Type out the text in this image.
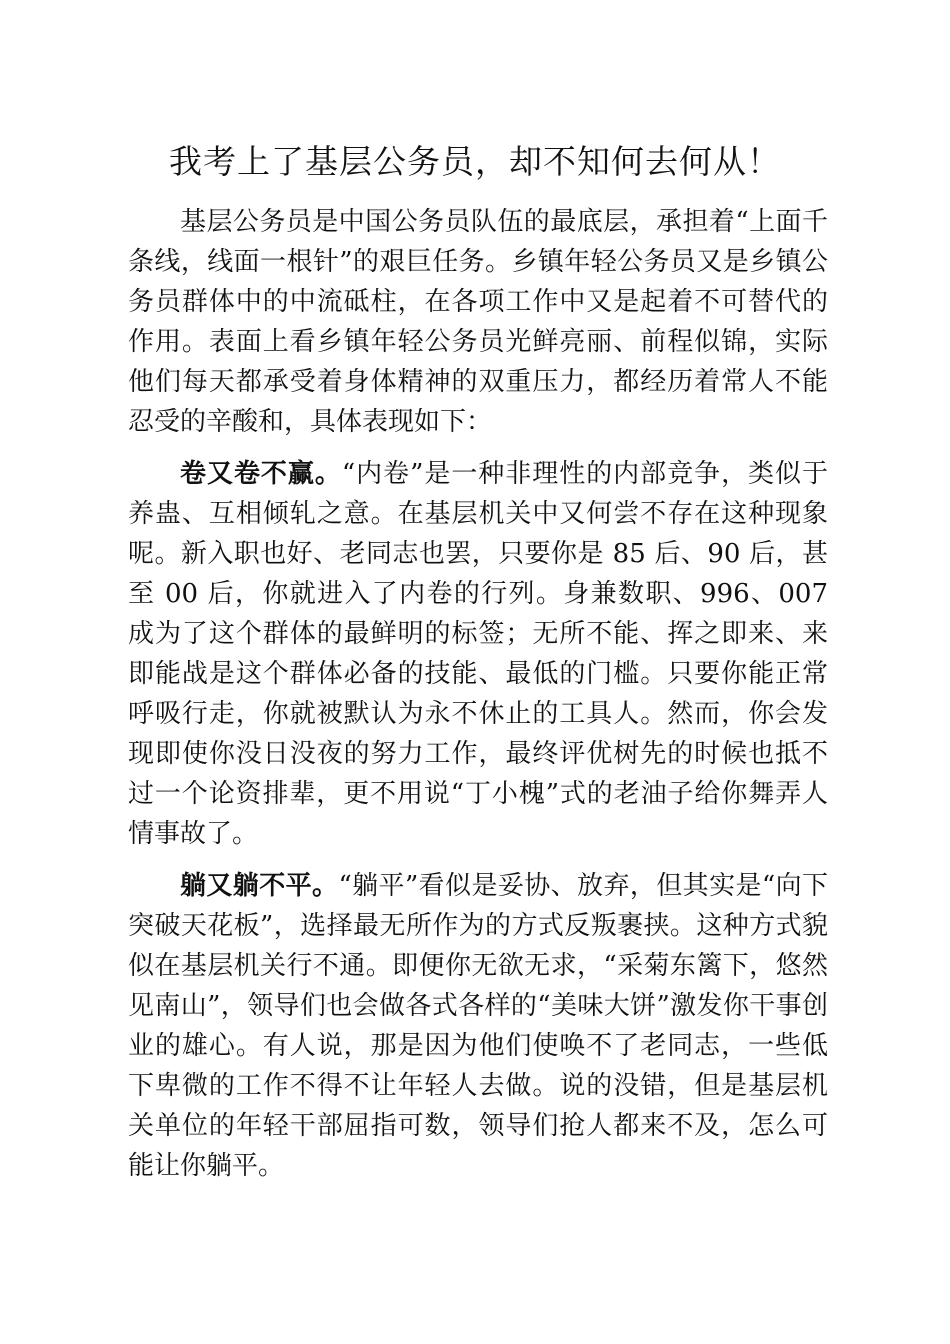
我考上了基层公务员，却不知何去何从！

基层公务员是中国公务员队伍的最底层，承担着“上面千条线，线面一根针”的艰巨任务。乡镇年轻公务员又是乡镇公务员群体中的中流砥柱，在各项工作中又是起着不可替代的作用。表面上看乡镇年轻公务员光鲜亮丽、前程似锦，实际他们每天都承受着身体精神的双重压力，都经历着常人不能忍受的辛酸和，具体表现如下：

卷又卷不赢。“内卷”是一种非理性的内部竞争，类似于养蛊、互相倾轧之意。在基层机关中又何尝不存在这种现象呢。新入职也好、老同志也罢，只要你是 85 后、90 后，甚至 00 后，你就进入了内卷的行列。身兼数职、996、007 成为了这个群体的最鲜明的标签；无所不能、挥之即来、来即能战是这个群体必备的技能、最低的门槛。只要你能正常呼吸行走，你就被默认为永不休止的工具人。然而，你会发现即使你没日没夜的努力工作，最终评优树先的时候也抵不过一个论资排辈，更不用说“丁小槐”式的老油子给你舞弄人情事故了。

躺又躺不平。“躺平”看似是妥协、放弃，但其实是“向下突破天花板”，选择最无所作为的方式反叛裹挟。这种方式貌似在基层机关行不通。即便你无欲无求，“采菊东篱下，悠然见南山”，领导们也会做各式各样的“美味大饼”激发你干事创业的雄心。有人说，那是因为他们使唤不了老同志，一些低下卑微的工作不得不让年轻人去做。说的没错，但是基层机关单位的年轻干部屈指可数，领导们抢人都来不及，怎么可能让你躺平。
